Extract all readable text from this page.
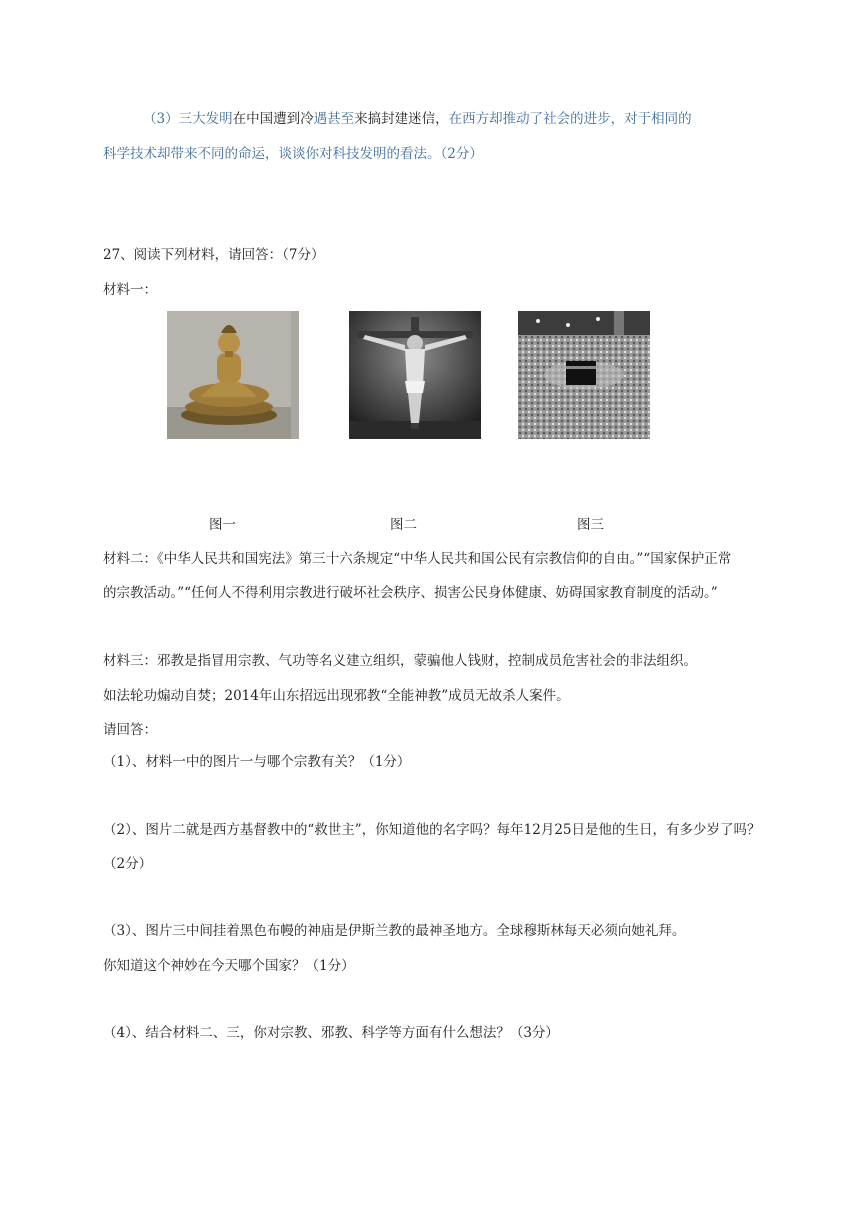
（3）三大发明在中国遭到冷遇甚至来搞封建迷信，在西方却推动了社会的进步，对于相同的
科学技术却带来不同的命运，谈谈你对科技发明的看法。（2分）
27、阅读下列材料，请回答：（7分）
材料一：
图一	图二	图三
材料二：《中华人民共和国宪法》第三十六条规定“中华人民共和国公民有宗教信仰的自由。”“国家保护正常
的宗教活动。”“任何人不得利用宗教进行破坏社会秩序、损害公民身体健康、妨碍国家教育制度的活动。”
材料三：邪教是指冒用宗教、气功等名义建立组织，蒙骗他人钱财，控制成员危害社会的非法组织。
如法轮功煽动自焚；2014年山东招远出现邪教“全能神教”成员无故杀人案件。
请回答：
（1）、材料一中的图片一与哪个宗教有关？（1分）
（2）、图片二就是西方基督教中的“救世主”，你知道他的名字吗？每年12月25日是他的生日，有多少岁了吗？
（2分）
（3）、图片三中间挂着黑色布幔的神庙是伊斯兰教的最神圣地方。全球穆斯林每天必须向她礼拜。
你知道这个神妙在今天哪个国家？（1分）
（4）、结合材料二、三，你对宗教、邪教、科学等方面有什么想法？（3分）
